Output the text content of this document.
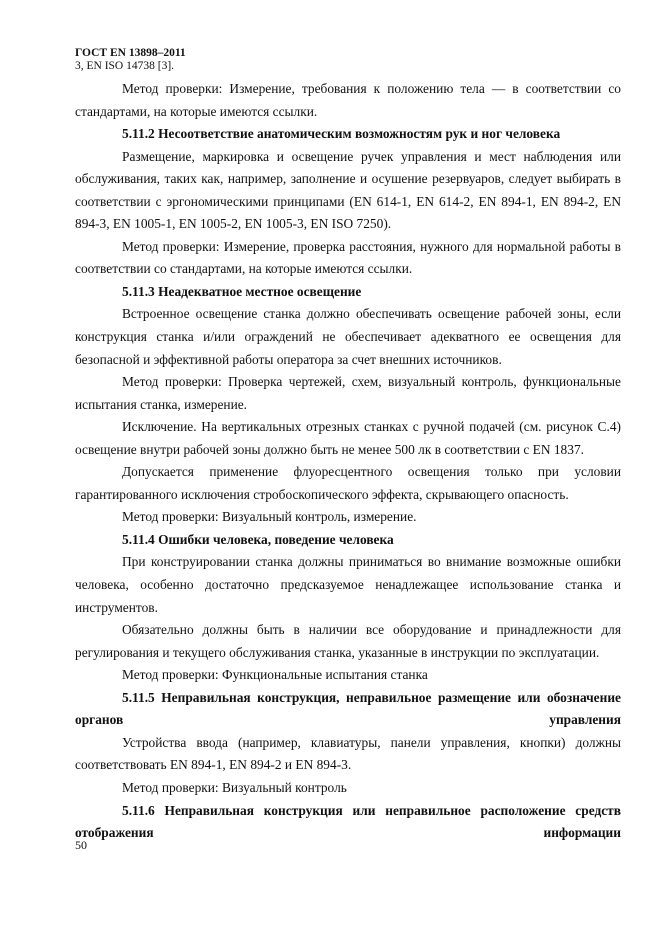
ГОСТ EN 13898–2011
3, EN ISO 14738 [3].

Метод проверки: Измерение, требования к положению тела — в соответствии со стандартами, на которые имеются ссылки.

5.11.2 Несоответствие анатомическим возможностям рук и ног человека

Размещение, маркировка и освещение ручек управления и мест наблюдения или обслуживания, таких как, например, заполнение и осушение резервуаров, следует выбирать в соответствии с эргономическими принципами (EN 614-1, EN 614-2, EN 894-1, EN 894-2, EN 894-3, EN 1005-1, EN 1005-2, EN 1005-3, EN ISO 7250).

Метод проверки: Измерение, проверка расстояния, нужного для нормальной работы в соответствии со стандартами, на которые имеются ссылки.

5.11.3 Неадекватное местное освещение

Встроенное освещение станка должно обеспечивать освещение рабочей зоны, если конструкция станка и/или ограждений не обеспечивает адекватного ее освещения для безопасной и эффективной работы оператора за счет внешних источников.

Метод проверки: Проверка чертежей, схем, визуальный контроль, функциональные испытания станка, измерение.

Исключение. На вертикальных отрезных станках с ручной подачей (см. рисунок С.4) освещение внутри рабочей зоны должно быть не менее 500 лк в соответствии с EN 1837.

Допускается применение флуоресцентного освещения только при условии гарантированного исключения стробоскопического эффекта, скрывающего опасность.

Метод проверки: Визуальный контроль, измерение.

5.11.4 Ошибки человека, поведение человека

При конструировании станка должны приниматься во внимание возможные ошибки человека, особенно достаточно предсказуемое ненадлежащее использование станка и инструментов.

Обязательно должны быть в наличии все оборудование и принадлежности для регулирования и текущего обслуживания станка, указанные в инструкции по эксплуатации.

Метод проверки: Функциональные испытания станка

5.11.5 Неправильная конструкция, неправильное размещение или обозначение органов управления

Устройства ввода (например, клавиатуры, панели управления, кнопки) должны соответствовать EN 894-1, EN 894-2 и EN 894-3.

Метод проверки: Визуальный контроль

5.11.6 Неправильная конструкция или неправильное расположение средств отображения информации

50
